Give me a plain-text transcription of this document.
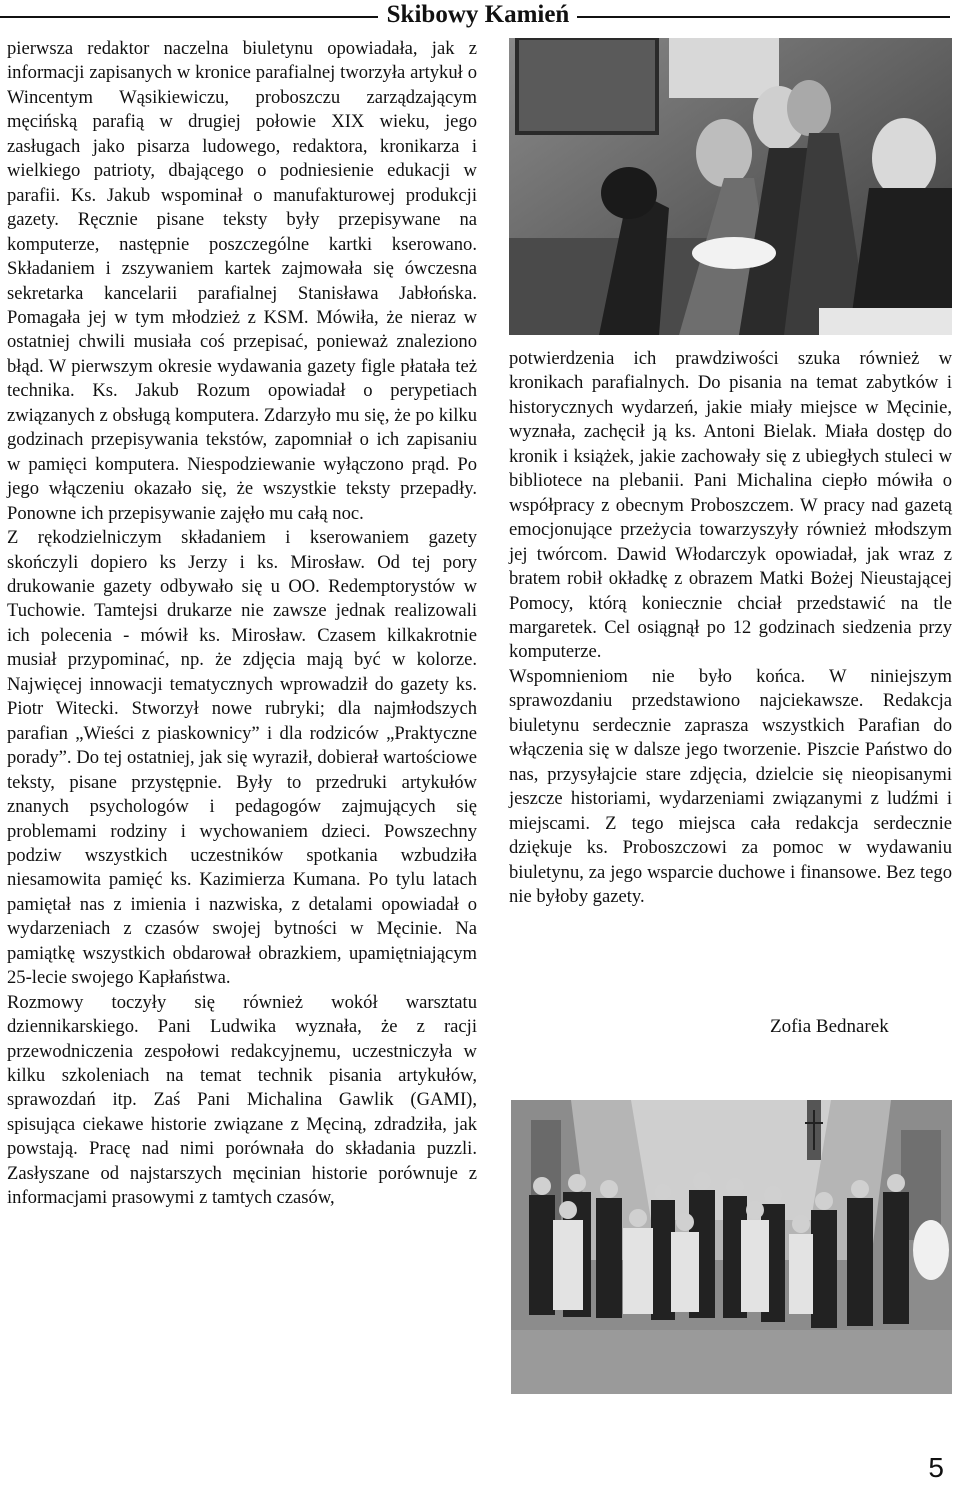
Skibowy Kamień

pierwsza redaktor naczelna biuletynu opowiadała, jak z informacji zapisanych w kronice parafialnej tworzyła artykuł o Wincentym Wąsikiewiczu, proboszczu zarządzającym męcińską parafią w drugiej połowie XIX wieku, jego zasługach jako pisarza ludowego, redaktora, kronikarza i wielkiego patrioty, dbającego o podniesienie edukacji w parafii. Ks. Jakub wspominał o manufakturowej produkcji gazety. Ręcznie pisane teksty były przepisywane na komputerze, następnie poszczególne kartki kserowano. Składaniem i zszywaniem kartek zajmowała się ówczesna sekretarka kancelarii parafialnej Stanisława Jabłońska. Pomagała jej w tym młodzież z KSM. Mówiła, że nieraz w ostatniej chwili musiała coś przepisać, ponieważ znaleziono błąd. W pierwszym okresie wydawania gazety figle płatała też technika. Ks. Jakub Rozum opowiadał o perypetiach związanych z obsługą komputera. Zdarzyło mu się, że po kilku godzinach przepisywania tekstów, zapomniał o ich zapisaniu w pamięci komputera. Niespodziewanie wyłączono prąd. Po jego włączeniu okazało się, że wszystkie teksty przepadły. Ponowne ich przepisywanie zajęło mu całą noc.

Z rękodzielniczym składaniem i kserowaniem gazety skończyli dopiero ks Jerzy i ks. Mirosław. Od tej pory drukowanie gazety odbywało się u OO. Redemptorystów w Tuchowie. Tamtejsi drukarze nie zawsze jednak realizowali ich polecenia - mówił ks. Mirosław. Czasem kilkakrotnie musiał przypominać, np. że zdjęcia mają być w kolorze. Najwięcej innowacji tematycznych wprowadził do gazety ks. Piotr Witecki. Stworzył nowe rubryki; dla najmłodszych parafian „Wieści z piaskownicy” i dla rodziców „Praktyczne porady”. Do tej ostatniej, jak się wyraził, dobierał wartościowe teksty, pisane przystępnie. Były to przedruki artykułów znanych psychologów i pedagogów zajmujących się problemami rodziny i wychowaniem dzieci. Powszechny podziw wszystkich uczestników spotkania wzbudziła niesamowita pamięć ks. Kazimierza Kumana. Po tylu latach pamiętał nas z imienia i nazwiska, z detalami opowiadał o wydarzeniach z czasów swojej bytności w Męcinie. Na pamiątkę wszystkich obdarował obrazkiem, upamiętniającym 25-lecie swojego Kapłaństwa.

Rozmowy toczyły się również wokół warsztatu dziennikarskiego. Pani Ludwika wyznała, że z racji przewodniczenia zespołowi redakcyjnemu, uczestniczyła w kilku szkoleniach na temat technik pisania artykułów, sprawozdań itp. Zaś Pani Michalina Gawlik (GAMI), spisująca ciekawe historie związane z Męciną, zdradziła, jak powstają. Pracę nad nimi porównała do składania puzzli. Zasłyszane od najstarszych męcinian historie porównuje z informacjami prasowymi z tamtych czasów,

potwierdzenia ich prawdziwości szuka również w kronikach parafialnych. Do pisania na temat zabytków i historycznych wydarzeń, jakie miały miejsce w Męcinie, wyznała, zachęcił ją ks. Antoni Bielak. Miała dostęp do kronik i książek, jakie zachowały się z ubiegłych stuleci w bibliotece na plebanii. Pani Michalina ciepło mówiła o współpracy z obecnym Proboszczem. W pracy nad gazetą emocjonujące przeżycia towarzyszyły również młodszym jej twórcom. Dawid Włodarczyk opowiadał, jak wraz z bratem robił okładkę z obrazem Matki Bożej Nieustającej Pomocy, którą koniecznie chciał przedstawić na tle margaretek. Cel osiągnął po 12 godzinach siedzenia przy komputerze.

Wspomnieniom nie było końca. W niniejszym sprawozdaniu przedstawiono najciekawsze. Redakcja biuletynu serdecznie zaprasza wszystkich Parafian do włączenia się w dalsze jego tworzenie. Piszcie Państwo do nas, przysyłajcie stare zdjęcia, dzielcie się nieopisanymi jeszcze historiami, wydarzeniami związanymi z ludźmi i miejscami. Z tego miejsca cała redakcja serdecznie dziękuje ks. Proboszczowi za pomoc w wydawaniu biuletynu, za jego wsparcie duchowe i finansowe. Bez tego nie byłoby gazety.

Zofia Bednarek
5
